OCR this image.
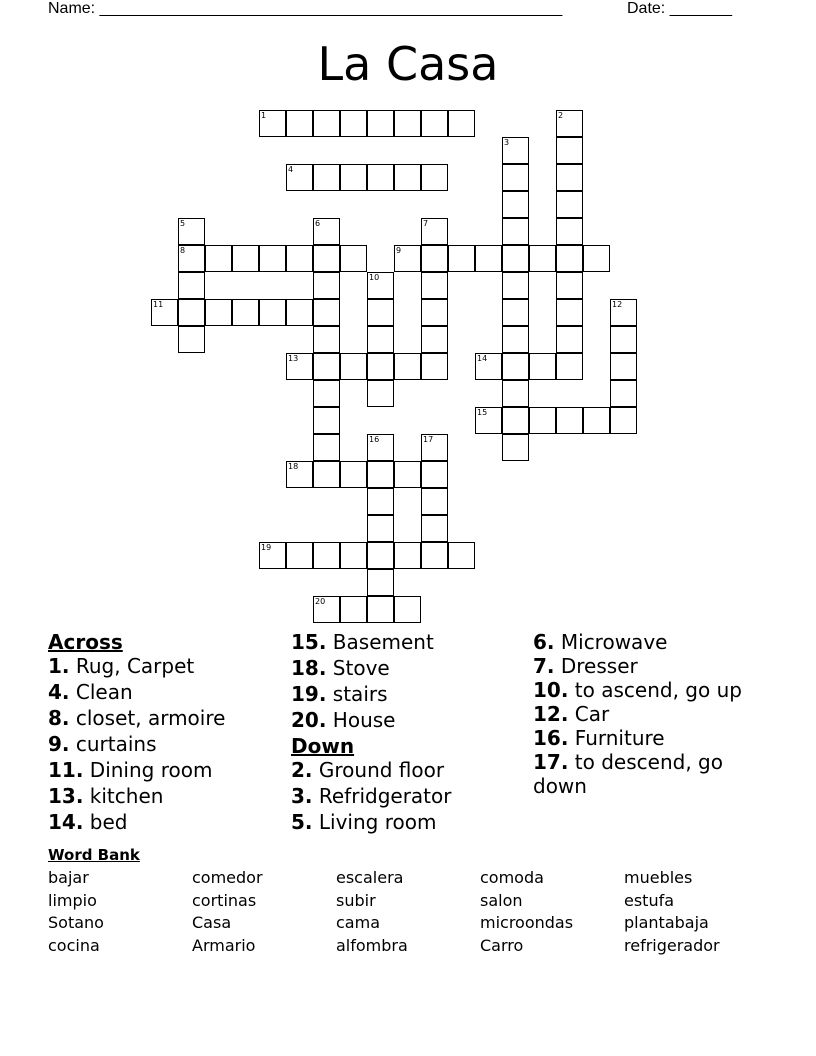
Name: ____________________________________________________	Date: _______
La Casa
1
4
8	9
11
13	14
15
18
19
20
2
3
5	6	7
10
12
16	17
Across
1. Rug, Carpet
4. Clean
8. closet, armoire
9. curtains
11. Dining room
13. kitchen
14. bed
15. Basement
18. Stove
19. stairs
20. House
Down
2. Ground floor
3. Refridgerator
5. Living room
6. Microwave
7. Dresser
10. to ascend, go up
12. Car
16. Furniture
17. to descend, go down
Word Bank
bajar	comedor	escalera	comoda	muebles
limpio	cortinas	subir	salon	estufa
Sotano	Casa	cama	microondas	plantabaja
cocina	Armario	alfombra	Carro	refrigerador
